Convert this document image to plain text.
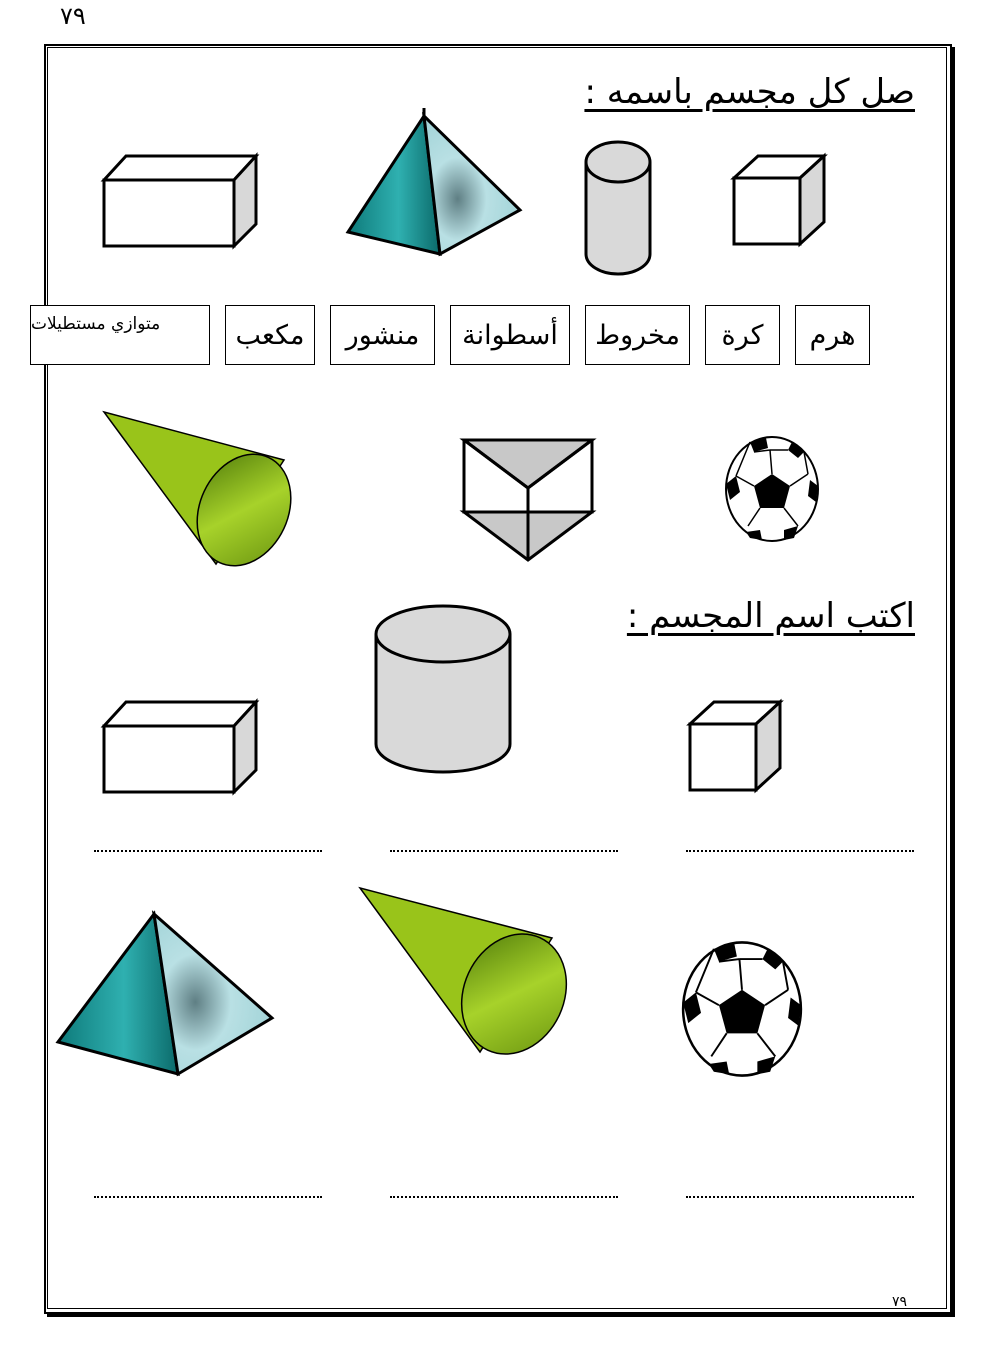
٧٩
صل كل مجسم باسمه :
متوازي مستطيلات	مكعب	منشور	أسطوانة	مخروط	كرة	هرم
اكتب اسم المجسم :
٧٩
